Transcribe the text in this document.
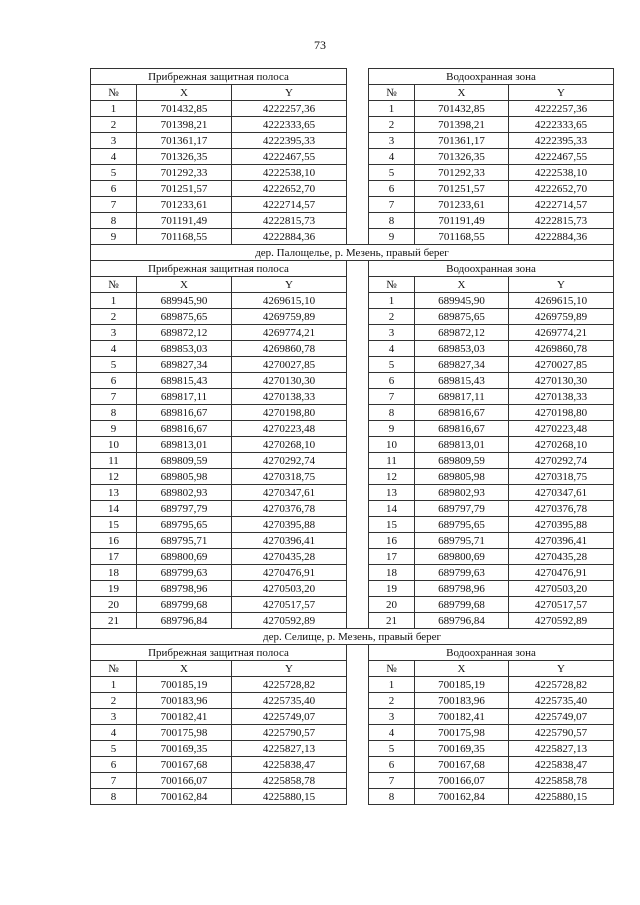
73
Прибрежная защитная полоса				Водоохранная зона		
№	X	Y		№	X	Y
1	701432,85	4222257,36		1	701432,85	4222257,36
2	701398,21	4222333,65		2	701398,21	4222333,65
3	701361,17	4222395,33		3	701361,17	4222395,33
4	701326,35	4222467,55		4	701326,35	4222467,55
5	701292,33	4222538,10		5	701292,33	4222538,10
6	701251,57	4222652,70		6	701251,57	4222652,70
7	701233,61	4222714,57		7	701233,61	4222714,57
8	701191,49	4222815,73		8	701191,49	4222815,73
9	701168,55	4222884,36		9	701168,55	4222884,36
дер. Палощелье, р. Мезень, правый берег						
Прибрежная защитная полоса				Водоохранная зона		
№	X	Y		№	X	Y
1	689945,90	4269615,10		1	689945,90	4269615,10
2	689875,65	4269759,89		2	689875,65	4269759,89
3	689872,12	4269774,21		3	689872,12	4269774,21
4	689853,03	4269860,78		4	689853,03	4269860,78
5	689827,34	4270027,85		5	689827,34	4270027,85
6	689815,43	4270130,30		6	689815,43	4270130,30
7	689817,11	4270138,33		7	689817,11	4270138,33
8	689816,67	4270198,80		8	689816,67	4270198,80
9	689816,67	4270223,48		9	689816,67	4270223,48
10	689813,01	4270268,10		10	689813,01	4270268,10
11	689809,59	4270292,74		11	689809,59	4270292,74
12	689805,98	4270318,75		12	689805,98	4270318,75
13	689802,93	4270347,61		13	689802,93	4270347,61
14	689797,79	4270376,78		14	689797,79	4270376,78
15	689795,65	4270395,88		15	689795,65	4270395,88
16	689795,71	4270396,41		16	689795,71	4270396,41
17	689800,69	4270435,28		17	689800,69	4270435,28
18	689799,63	4270476,91		18	689799,63	4270476,91
19	689798,96	4270503,20		19	689798,96	4270503,20
20	689799,68	4270517,57		20	689799,68	4270517,57
21	689796,84	4270592,89		21	689796,84	4270592,89
дер. Селище, р. Мезень, правый берег						
Прибрежная защитная полоса				Водоохранная зона		
№	X	Y		№	X	Y
1	700185,19	4225728,82		1	700185,19	4225728,82
2	700183,96	4225735,40		2	700183,96	4225735,40
3	700182,41	4225749,07		3	700182,41	4225749,07
4	700175,98	4225790,57		4	700175,98	4225790,57
5	700169,35	4225827,13		5	700169,35	4225827,13
6	700167,68	4225838,47		6	700167,68	4225838,47
7	700166,07	4225858,78		7	700166,07	4225858,78
8	700162,84	4225880,15		8	700162,84	4225880,15
